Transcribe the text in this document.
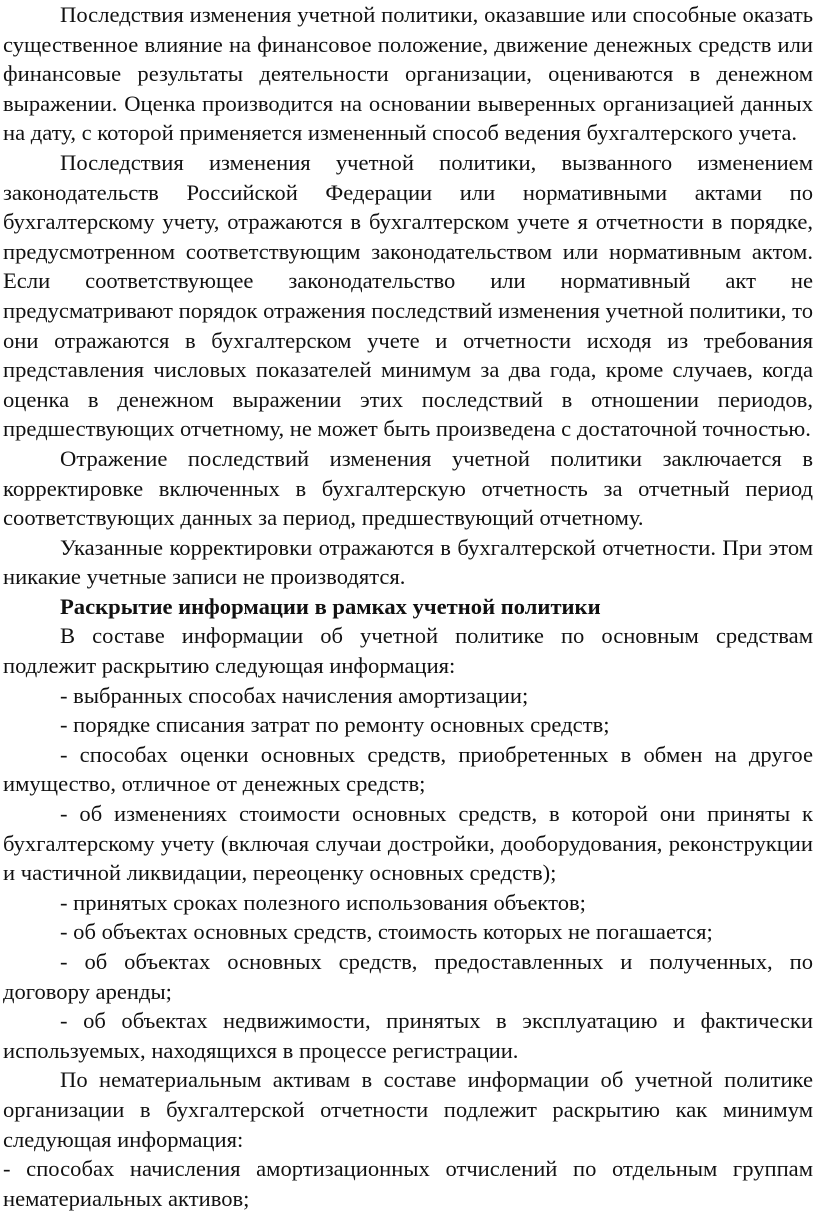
Последствия изменения учетной политики, оказавшие или способные оказать существенное влияние на финансовое положение, движение денежных средств или финансовые результаты деятельности организации, оцениваются в денежном выражении. Оценка производится на основании выверенных организацией данных на дату, с которой применяется измененный способ ведения бухгалтерского учета.

Последствия изменения учетной политики, вызванного изменением законодательств Российской Федерации или нормативными актами по бухгалтерскому учету, отражаются в бухгалтерском учете я отчетности в порядке, предусмотренном соответствующим законодательством или нормативным актом. Если соответствующее законодательство или нормативный акт не предусматривают порядок отражения последствий изменения учетной политики, то они отражаются в бухгалтерском учете и отчетности исходя из требования представления числовых показателей минимум за два года, кроме случаев, когда оценка в денежном выражении этих последствий в отношении периодов, предшествующих отчетному, не может быть произведена с достаточной точностью.

Отражение последствий изменения учетной политики заключается в корректировке включенных в бухгалтерскую отчетность за отчетный период соответствующих данных за период, предшествующий отчетному.

Указанные корректировки отражаются в бухгалтерской отчетности. При этом никакие учетные записи не производятся.

Раскрытие информации в рамках учетной политики

В составе информации об учетной политике по основным средствам подлежит раскрытию следующая информация:

- выбранных способах начисления амортизации;

- порядке списания затрат по ремонту основных средств;

- способах оценки основных средств, приобретенных в обмен на другое имущество, отличное от денежных средств;

- об изменениях стоимости основных средств, в которой они приняты к бухгалтерскому учету (включая случаи достройки, дооборудования, реконструкции и частичной ликвидации, переоценку основных средств);

- принятых сроках полезного использования объектов;

- об объектах основных средств, стоимость которых не погашается;

- об объектах основных средств, предоставленных и полученных, по договору аренды;

- об объектах недвижимости, принятых в эксплуатацию и фактически используемых, находящихся в процессе регистрации.

По нематериальным активам в составе информации об учетной политике организации в бухгалтерской отчетности подлежит раскрытию как минимум следующая информация:

- способах начисления амортизационных отчислений по отдельным группам нематериальных активов;
